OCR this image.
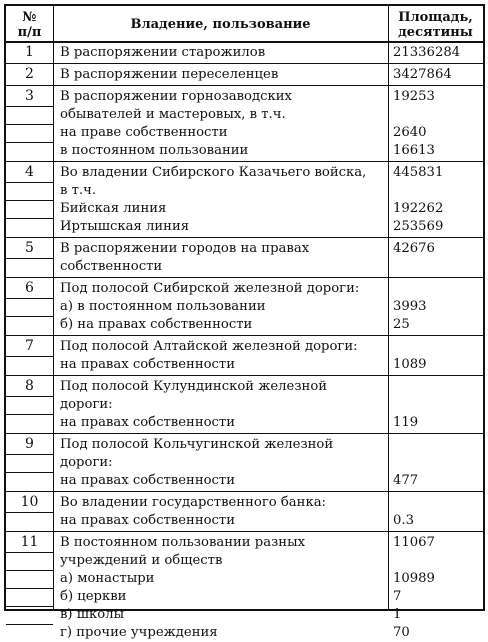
№
п/п
Владение, пользование	Площадь,
десятины
1	В распоряжении старожилов	21336284
2	В распоряжении переселенцев	3427864
3	В распоряжении горнозаводских	19253
обывателей и мастеровых, в т.ч.
на праве собственности	2640
в постоянном пользовании	16613
4	Во владении Сибирского Казачьего войска, 445831
в т.ч.
Бийская линия	192262
Иртышская линия	253569
5	В распоряжении городов на правах	42676
собственности
6	Под полосой Сибирской железной дороги:
а) в постоянном пользовании	3993
б) на правах собственности	25
7	Под полосой Алтайской железной дороги:
на правах собственности	1089
8	Под полосой Кулундинской железной
дороги:
на правах собственности	119
9	Под полосой Кольчугинской железной
дороги:
на правах собственности	477
10	Во владении государственного банка:
на правах собственности	0.3
11	В постоянном пользовании разных	11067
учреждений и обществ
а) монастыри	10989
б) церкви	7
в) школы	1
г) прочие учреждения	70
